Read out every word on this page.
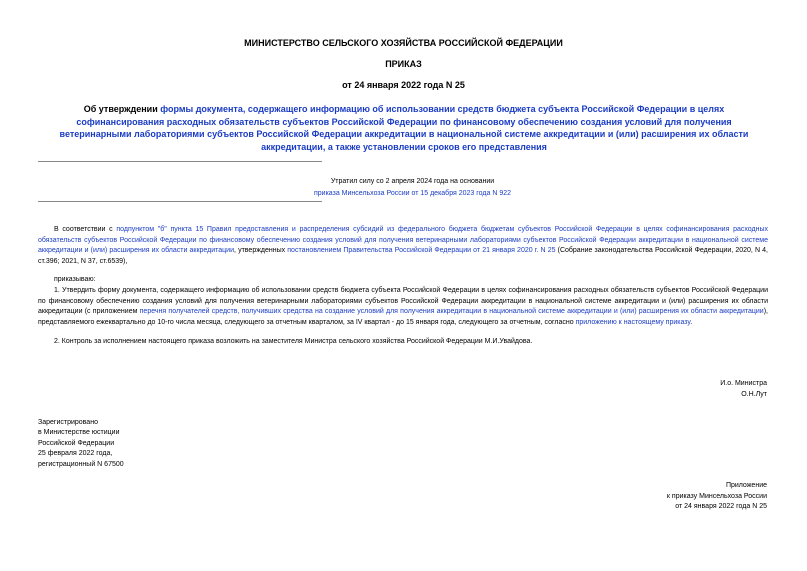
МИНИСТЕРСТВО СЕЛЬСКОГО ХОЗЯЙСТВА РОССИЙСКОЙ ФЕДЕРАЦИИ
ПРИКАЗ
от 24 января 2022 года N 25
Об утверждении формы документа, содержащего информацию об использовании средств бюджета субъекта Российской Федерации в целях софинансирования расходных обязательств субъектов Российской Федерации по финансовому обеспечению создания условий для получения ветеринарными лабораториями субъектов Российской Федерации аккредитации в национальной системе аккредитации и (или) расширения их области аккредитации, а также установлении сроков его представления
Утратил силу со 2 апреля 2024 года на основании
приказа Минсельхоза России от 15 декабря 2023 года N 922
В соответствии с подпунктом "б" пункта 15 Правил предоставления и распределения субсидий из федерального бюджета бюджетам субъектов Российской Федерации в целях софинансирования расходных обязательств субъектов Российской Федерации по финансовому обеспечению создания условий для получения ветеринарными лабораториями субъектов Российской Федерации аккредитации в национальной системе аккредитации и (или) расширения их области аккредитации, утвержденных постановлением Правительства Российской Федерации от 21 января 2020 г. N 25 (Собрание законодательства Российской Федерации, 2020, N 4, ст.396; 2021, N 37, ст.6539),
приказываю:
1. Утвердить форму документа, содержащего информацию об использовании средств бюджета субъекта Российской Федерации в целях софинансирования расходных обязательств субъектов Российской Федерации по финансовому обеспечению создания условий для получения ветеринарными лабораториями субъектов Российской Федерации аккредитации в национальной системе аккредитации и (или) расширения их области аккредитации (с приложением перечня получателей средств, получивших средства на создание условий для получения аккредитации в национальной системе аккредитации и (или) расширения их области аккредитации), представляемого ежеквартально до 10-го числа месяца, следующего за отчетным кварталом, за IV квартал - до 15 января года, следующего за отчетным, согласно приложению к настоящему приказу.
2. Контроль за исполнением настоящего приказа возложить на заместителя Министра сельского хозяйства Российской Федерации М.И.Увайдова.
И.о. Министра
О.Н.Лут
Зарегистрировано
в Министерстве юстиции
Российской Федерации
25 февраля 2022 года,
регистрационный N 67500
Приложение
к приказу Минсельхоза России
от 24 января 2022 года N 25
